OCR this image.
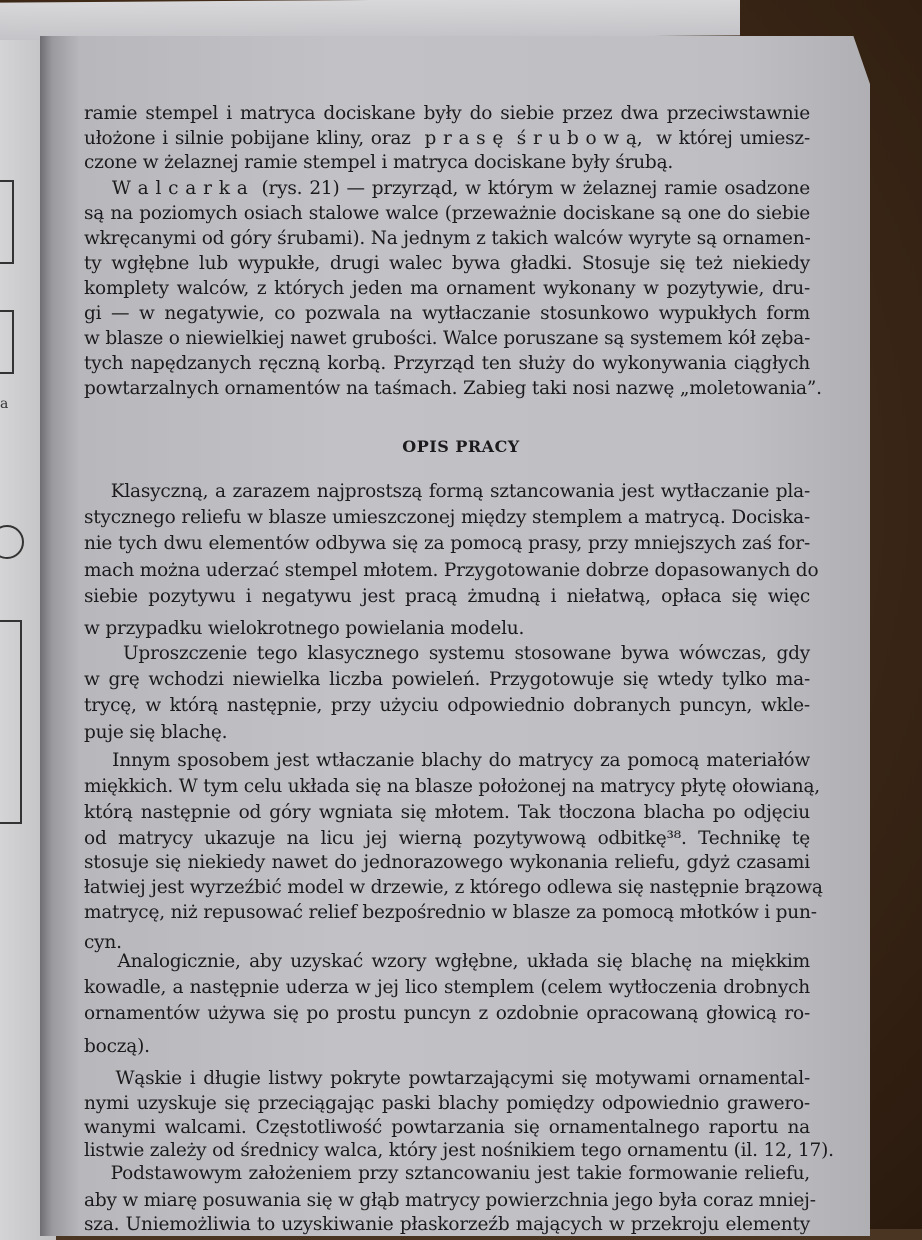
a
OPIS PRACY
ramie stempel i matryca dociskane były do siebie przez dwa przeciwstawnie
ułożone i silnie pobijane kliny, oraz  p r a s ę  ś r u b o w ą,  w której umiesz-
czone w żelaznej ramie stempel i matryca dociskane były śrubą.
W a l c a r k a  (rys. 21) — przyrząd, w którym w żelaznej ramie osadzone
są na poziomych osiach stalowe walce (przeważnie dociskane są one do siebie
wkręcanymi od góry śrubami). Na jednym z takich walców wyryte są ornamen-
ty wgłębne lub wypukłe, drugi walec bywa gładki. Stosuje się też niekiedy
komplety walców, z których jeden ma ornament wykonany w pozytywie, dru-
gi — w negatywie, co pozwala na wytłaczanie stosunkowo wypukłych form
w blasze o niewielkiej nawet grubości. Walce poruszane są systemem kół zęba-
tych napędzanych ręczną korbą. Przyrząd ten służy do wykonywania ciągłych
powtarzalnych ornamentów na taśmach. Zabieg taki nosi nazwę „moletowania”.
Klasyczną, a zarazem najprostszą formą sztancowania jest wytłaczanie pla-
stycznego reliefu w blasze umieszczonej między stemplem a matrycą. Dociska-
nie tych dwu elementów odbywa się za pomocą prasy, przy mniejszych zaś for-
mach można uderzać stempel młotem. Przygotowanie dobrze dopasowanych do
siebie pozytywu i negatywu jest pracą żmudną i niełatwą, opłaca się więc
w przypadku wielokrotnego powielania modelu.
Uproszczenie tego klasycznego systemu stosowane bywa wówczas, gdy
w grę wchodzi niewielka liczba powieleń. Przygotowuje się wtedy tylko ma-
trycę, w którą następnie, przy użyciu odpowiednio dobranych puncyn, wkle-
puje się blachę.
Innym sposobem jest wtłaczanie blachy do matrycy za pomocą materiałów
miękkich. W tym celu układa się na blasze położonej na matrycy płytę ołowianą,
którą następnie od góry wgniata się młotem. Tak tłoczona blacha po odjęciu
od matrycy ukazuje na licu jej wierną pozytywową odbitkę³⁸. Technikę tę
stosuje się niekiedy nawet do jednorazowego wykonania reliefu, gdyż czasami
łatwiej jest wyrzeźbić model w drzewie, z którego odlewa się następnie brązową
matrycę, niż repusować relief bezpośrednio w blasze za pomocą młotków i pun-
cyn.
Analogicznie, aby uzyskać wzory wgłębne, układa się blachę na miękkim
kowadle, a następnie uderza w jej lico stemplem (celem wytłoczenia drobnych
ornamentów używa się po prostu puncyn z ozdobnie opracowaną głowicą ro-
boczą).
Wąskie i długie listwy pokryte powtarzającymi się motywami ornamental-
nymi uzyskuje się przeciągając paski blachy pomiędzy odpowiednio grawero-
wanymi walcami. Częstotliwość powtarzania się ornamentalnego raportu na
listwie zależy od średnicy walca, który jest nośnikiem tego ornamentu (il. 12, 17).
Podstawowym założeniem przy sztancowaniu jest takie formowanie reliefu,
aby w miarę posuwania się w głąb matrycy powierzchnia jego była coraz mniej-
sza. Uniemożliwia to uzyskiwanie płaskorzeźb mających w przekroju elementy
